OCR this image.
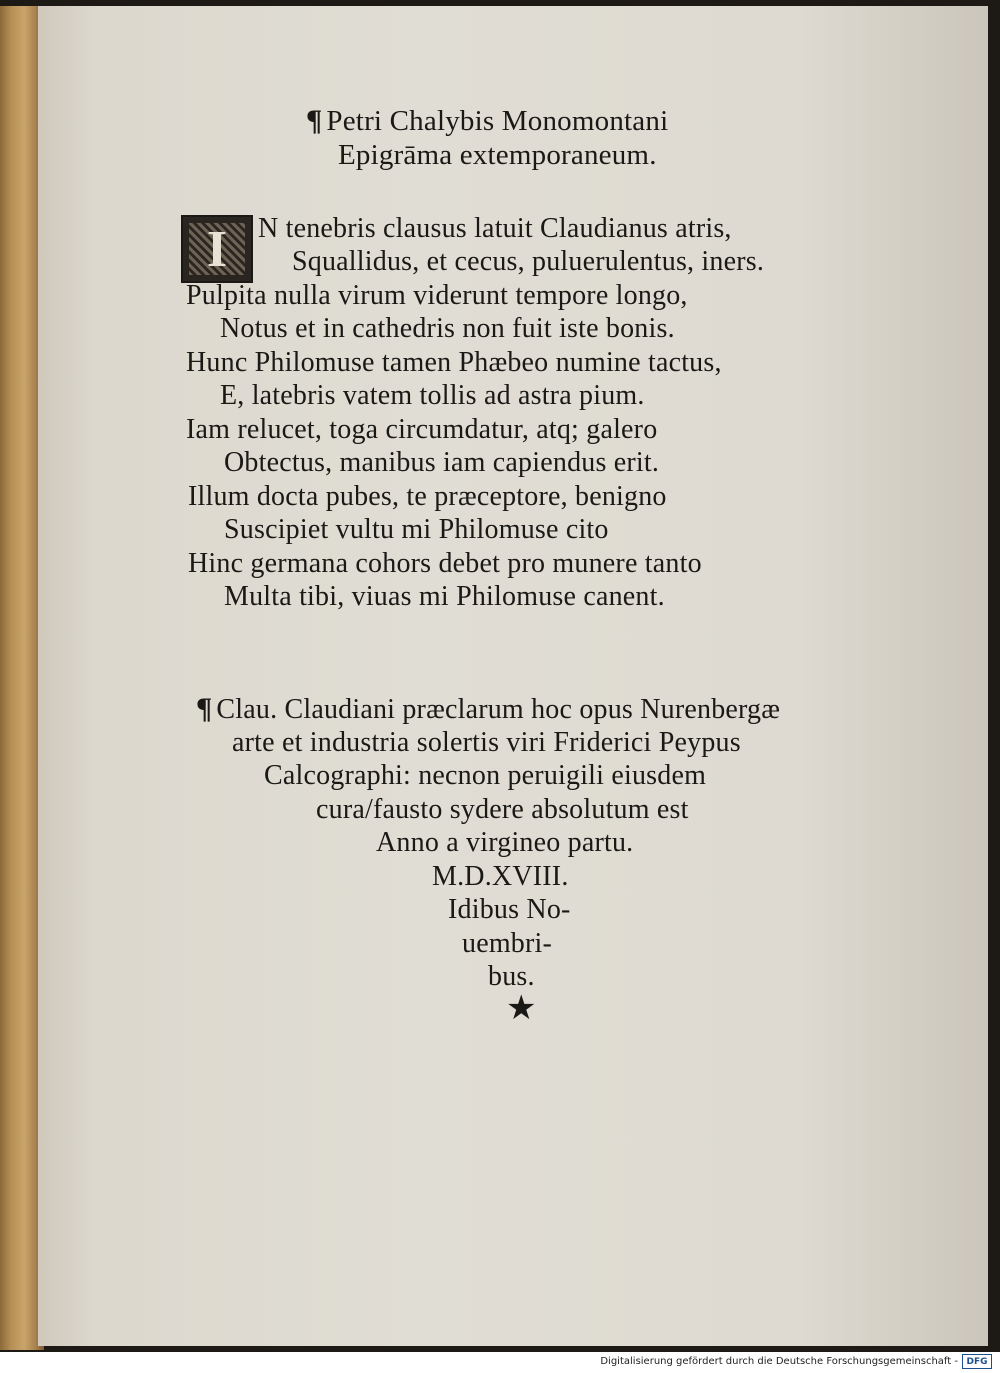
¶ Petri Chalybis Monomontani
Epigrāma extemporaneum.
I	N tenebris clausus latuit Claudianus atris,
Squallidus, et cecus, puluerulentus, iners.
Pulpita nulla virum viderunt tempore longo,
Notus et in cathedris non fuit iste bonis.
Hunc Philomuse tamen Phæbeo numine tactus,
E, latebris vatem tollis ad astra pium.
Iam relucet, toga circumdatur, atq; galero
Obtectus, manibus iam capiendus erit.
Illum docta pubes, te præceptore, benigno
Suscipiet vultu mi Philomuse cito
Hinc germana cohors debet pro munere tanto
Multa tibi, viuas mi Philomuse canent.
¶ Clau. Claudiani præclarum hoc opus Nurenbergæ
arte et industria solertis viri Friderici Peypus
Calcographi: necnon peruigili eiusdem
cura/fausto sydere absolutum est
Anno a virgineo partu.
M.D.XVIII.
Idibus No-
uembri-
bus.
★
Digitalisierung gefördert durch die Deutsche Forschungsgemeinschaft - DFG
